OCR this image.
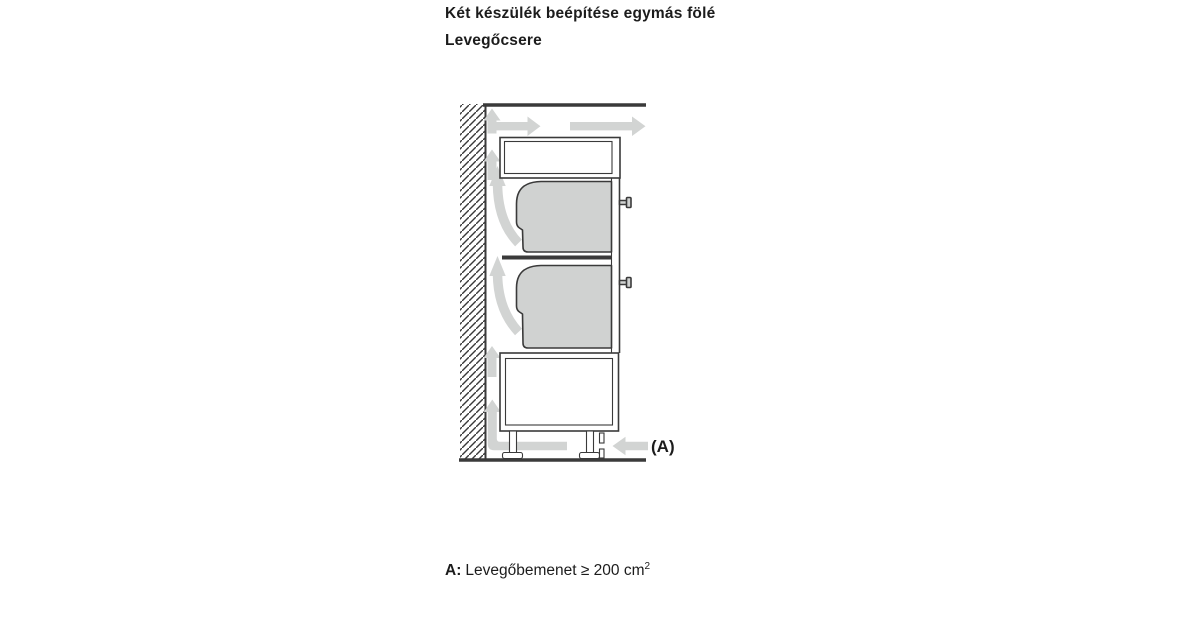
Két készülék beépítése egymás fölé
Levegőcsere
(A)
A: Levegőbemenet ≥ 200 $cm^2$
